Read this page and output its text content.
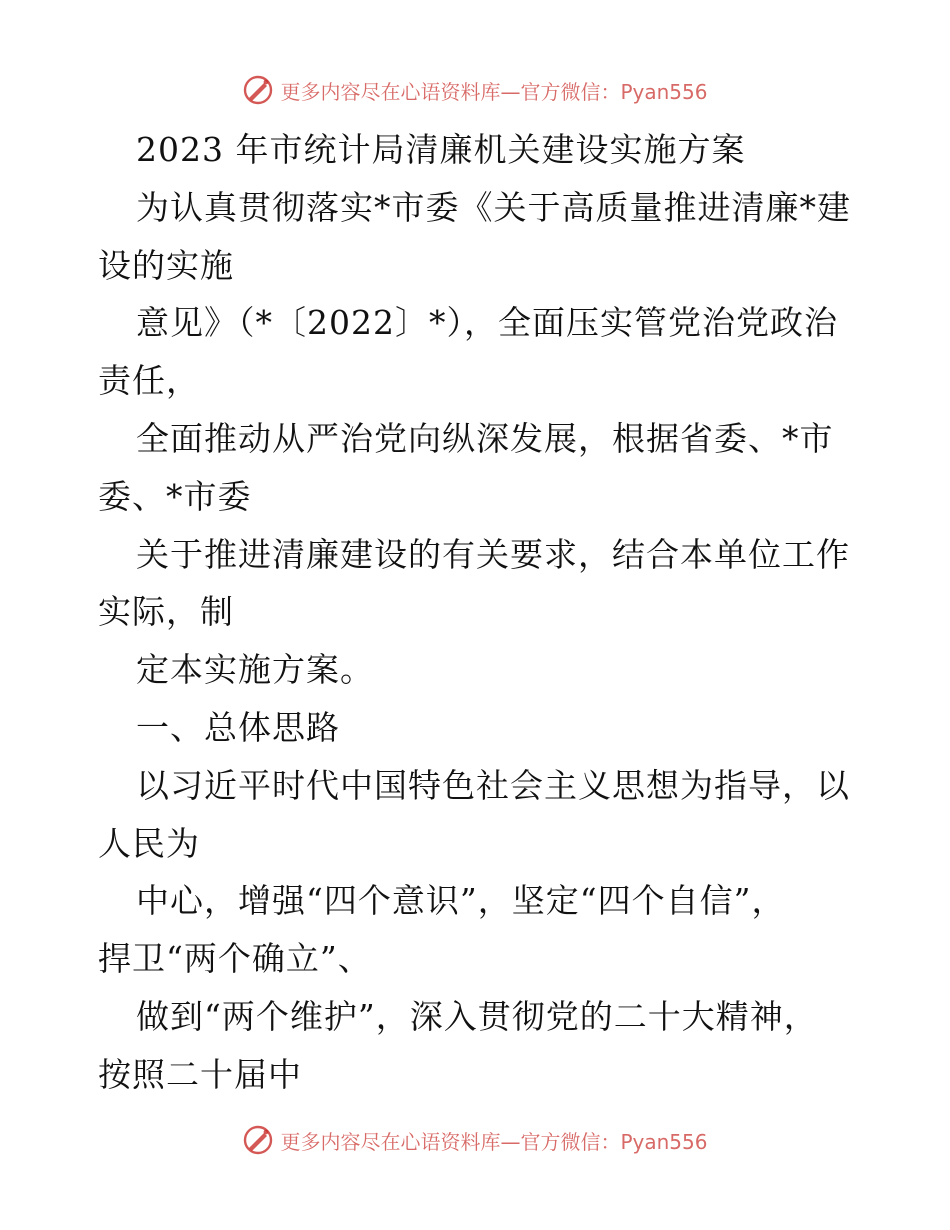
更多内容尽在心语资料库—官方微信：Pyan556
2023 年市统计局清廉机关建设实施方案
为认真贯彻落实*市委《关于高质量推进清廉*建
设的实施
意见》（*〔2022〕*），全面压实管党治党政治
责任，
全面推动从严治党向纵深发展，根据省委、*市
委、*市委
关于推进清廉建设的有关要求，结合本单位工作
实际，制
定本实施方案。
一、总体思路
以习近平时代中国特色社会主义思想为指导，以
人民为
中心，增强“四个意识”，坚定“四个自信”，
捍卫“两个确立”、
做到“两个维护”，深入贯彻党的二十大精神，
按照二十届中
更多内容尽在心语资料库—官方微信：Pyan556
